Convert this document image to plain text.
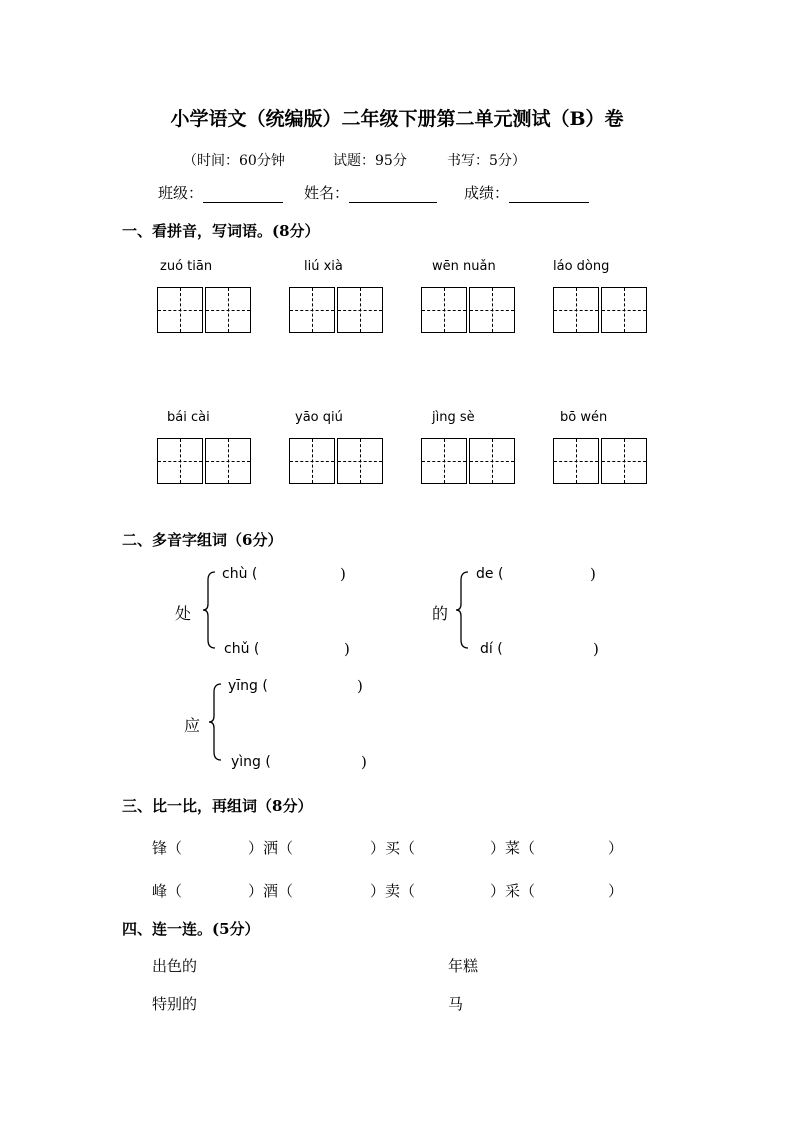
小学语文（统编版）二年级下册第二单元测试（B）卷
（时间：60分钟	试题：95分	书写：5分）
班级：	姓名：	成绩：
一、看拼音，写词语。(8分）
zuó tiān	liú xià	wēn nuǎn	láo dòng
bái cài	yāo qiú	jìng sè	bō wén
二、多音字组词（6分）
处
chù (	)
chǔ (	)
的
de (	)
dí (	)
应
yīng (	)
yìng (	)
三、比一比，再组词（8分）
锋（	）洒（	）买（	）菜（	）
峰（	）酒（	）卖（	）采（	）
四、连一连。(5分）
出色的
特别的
年糕
马
